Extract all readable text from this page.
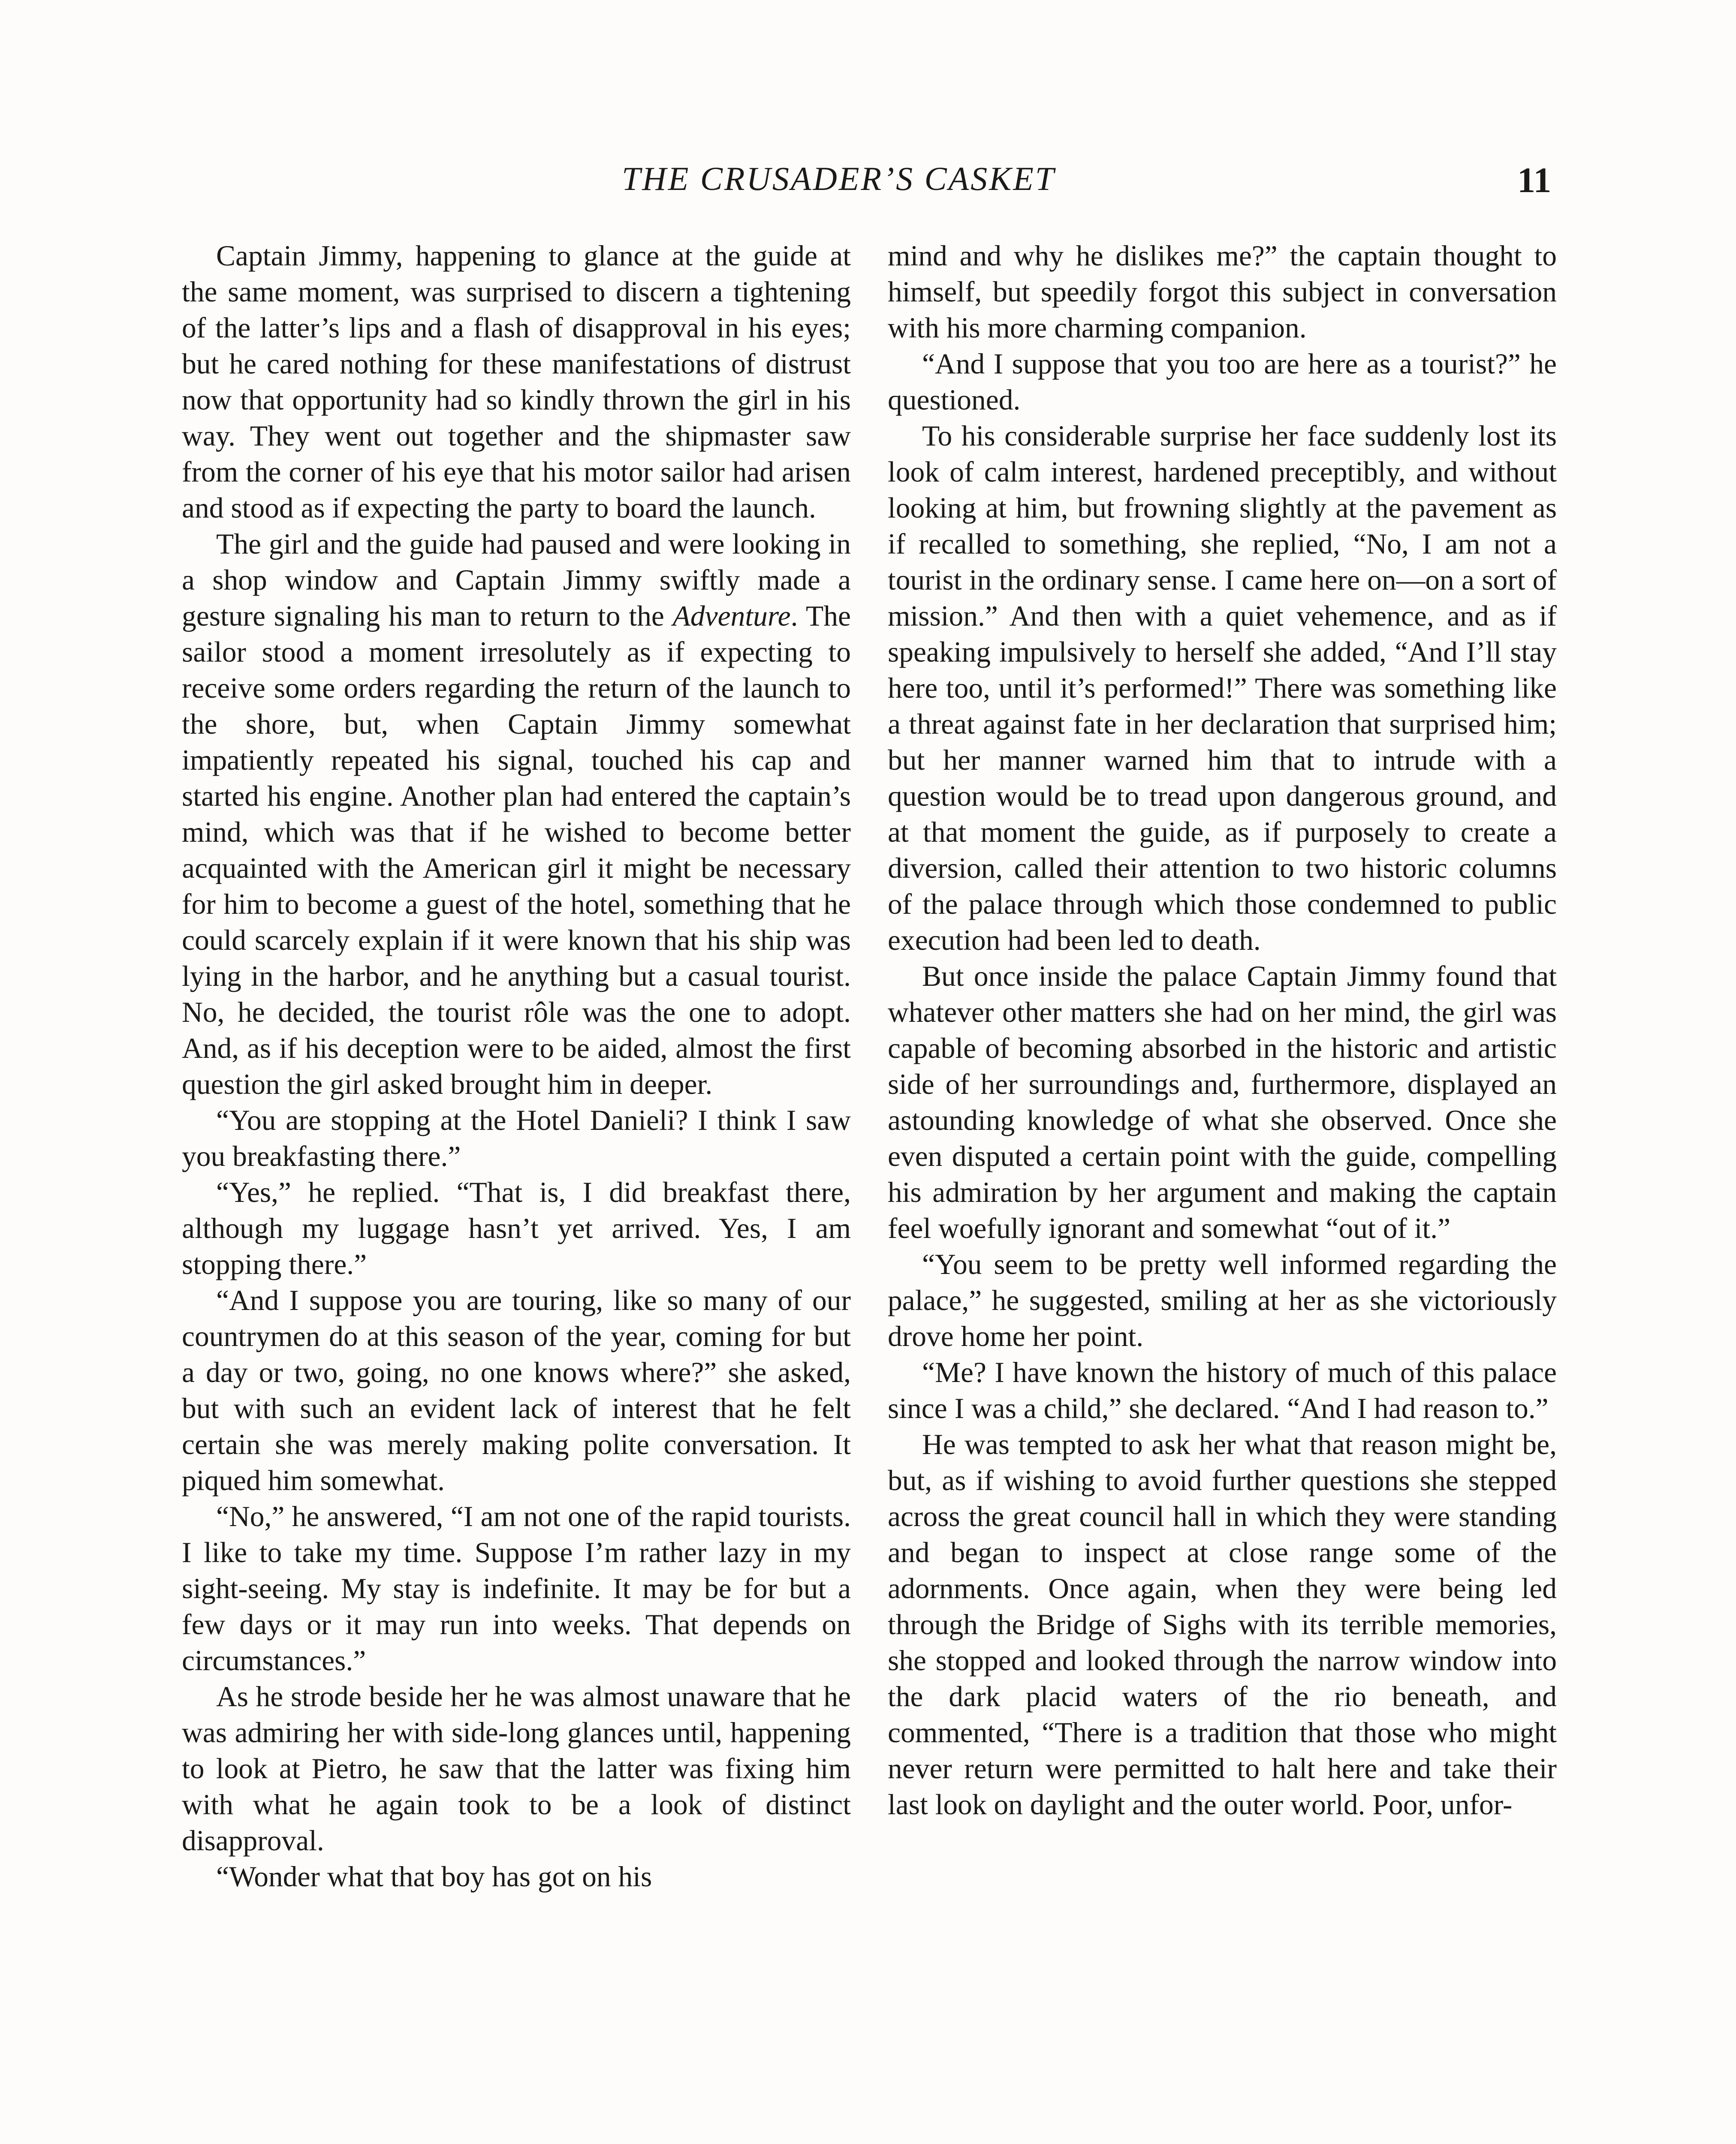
THE CRUSADER’S CASKET	11

Captain Jimmy, happening to glance at the guide at the same moment, was surprised to discern a tightening of the latter’s lips and a flash of disapproval in his eyes; but he cared nothing for these manifestations of distrust now that opportunity had so kindly thrown the girl in his way. They went out together and the shipmaster saw from the corner of his eye that his motor sailor had arisen and stood as if expecting the party to board the launch.

The girl and the guide had paused and were looking in a shop window and Captain Jimmy swiftly made a gesture signaling his man to return to the Adventure. The sailor stood a moment irresolutely as if expecting to receive some orders regarding the return of the launch to the shore, but, when Captain Jimmy somewhat impatiently repeated his signal, touched his cap and started his engine. Another plan had entered the captain’s mind, which was that if he wished to become better acquainted with the American girl it might be necessary for him to become a guest of the hotel, something that he could scarcely explain if it were known that his ship was lying in the harbor, and he anything but a casual tourist. No, he decided, the tourist rôle was the one to adopt. And, as if his deception were to be aided, almost the first question the girl asked brought him in deeper.

“You are stopping at the Hotel Danieli? I think I saw you breakfasting there.”

“Yes,” he replied. “That is, I did breakfast there, although my luggage hasn’t yet arrived. Yes, I am stopping there.”

“And I suppose you are touring, like so many of our countrymen do at this season of the year, coming for but a day or two, going, no one knows where?” she asked, but with such an evident lack of interest that he felt certain she was merely making polite conversation. It piqued him somewhat.

“No,” he answered, “I am not one of the rapid tourists. I like to take my time. Suppose I’m rather lazy in my sight-seeing. My stay is indefinite. It may be for but a few days or it may run into weeks. That depends on circumstances.”

As he strode beside her he was almost unaware that he was admiring her with side-long glances until, happening to look at Pietro, he saw that the latter was fixing him with what he again took to be a look of distinct disapproval.

“Wonder what that boy has got on his

mind and why he dislikes me?” the captain thought to himself, but speedily forgot this subject in conversation with his more charming companion.

“And I suppose that you too are here as a tourist?” he questioned.

To his considerable surprise her face suddenly lost its look of calm interest, hardened preceptibly, and without looking at him, but frowning slightly at the pavement as if recalled to something, she replied, “No, I am not a tourist in the ordinary sense. I came here on—on a sort of mission.” And then with a quiet vehemence, and as if speaking impulsively to herself she added, “And I’ll stay here too, until it’s performed!” There was something like a threat against fate in her declaration that surprised him; but her manner warned him that to intrude with a question would be to tread upon dangerous ground, and at that moment the guide, as if purposely to create a diversion, called their attention to two historic columns of the palace through which those condemned to public execution had been led to death.

But once inside the palace Captain Jimmy found that whatever other matters she had on her mind, the girl was capable of becoming absorbed in the historic and artistic side of her surroundings and, furthermore, displayed an astounding knowledge of what she observed. Once she even disputed a certain point with the guide, compelling his admiration by her argument and making the captain feel woefully ignorant and somewhat “out of it.”

“You seem to be pretty well informed regarding the palace,” he suggested, smiling at her as she victoriously drove home her point.

“Me? I have known the history of much of this palace since I was a child,” she declared. “And I had reason to.”

He was tempted to ask her what that reason might be, but, as if wishing to avoid further questions she stepped across the great council hall in which they were standing and began to inspect at close range some of the adornments. Once again, when they were being led through the Bridge of Sighs with its terrible memories, she stopped and looked through the narrow window into the dark placid waters of the rio beneath, and commented, “There is a tradition that those who might never return were permitted to halt here and take their last look on daylight and the outer world. Poor, unfor-
